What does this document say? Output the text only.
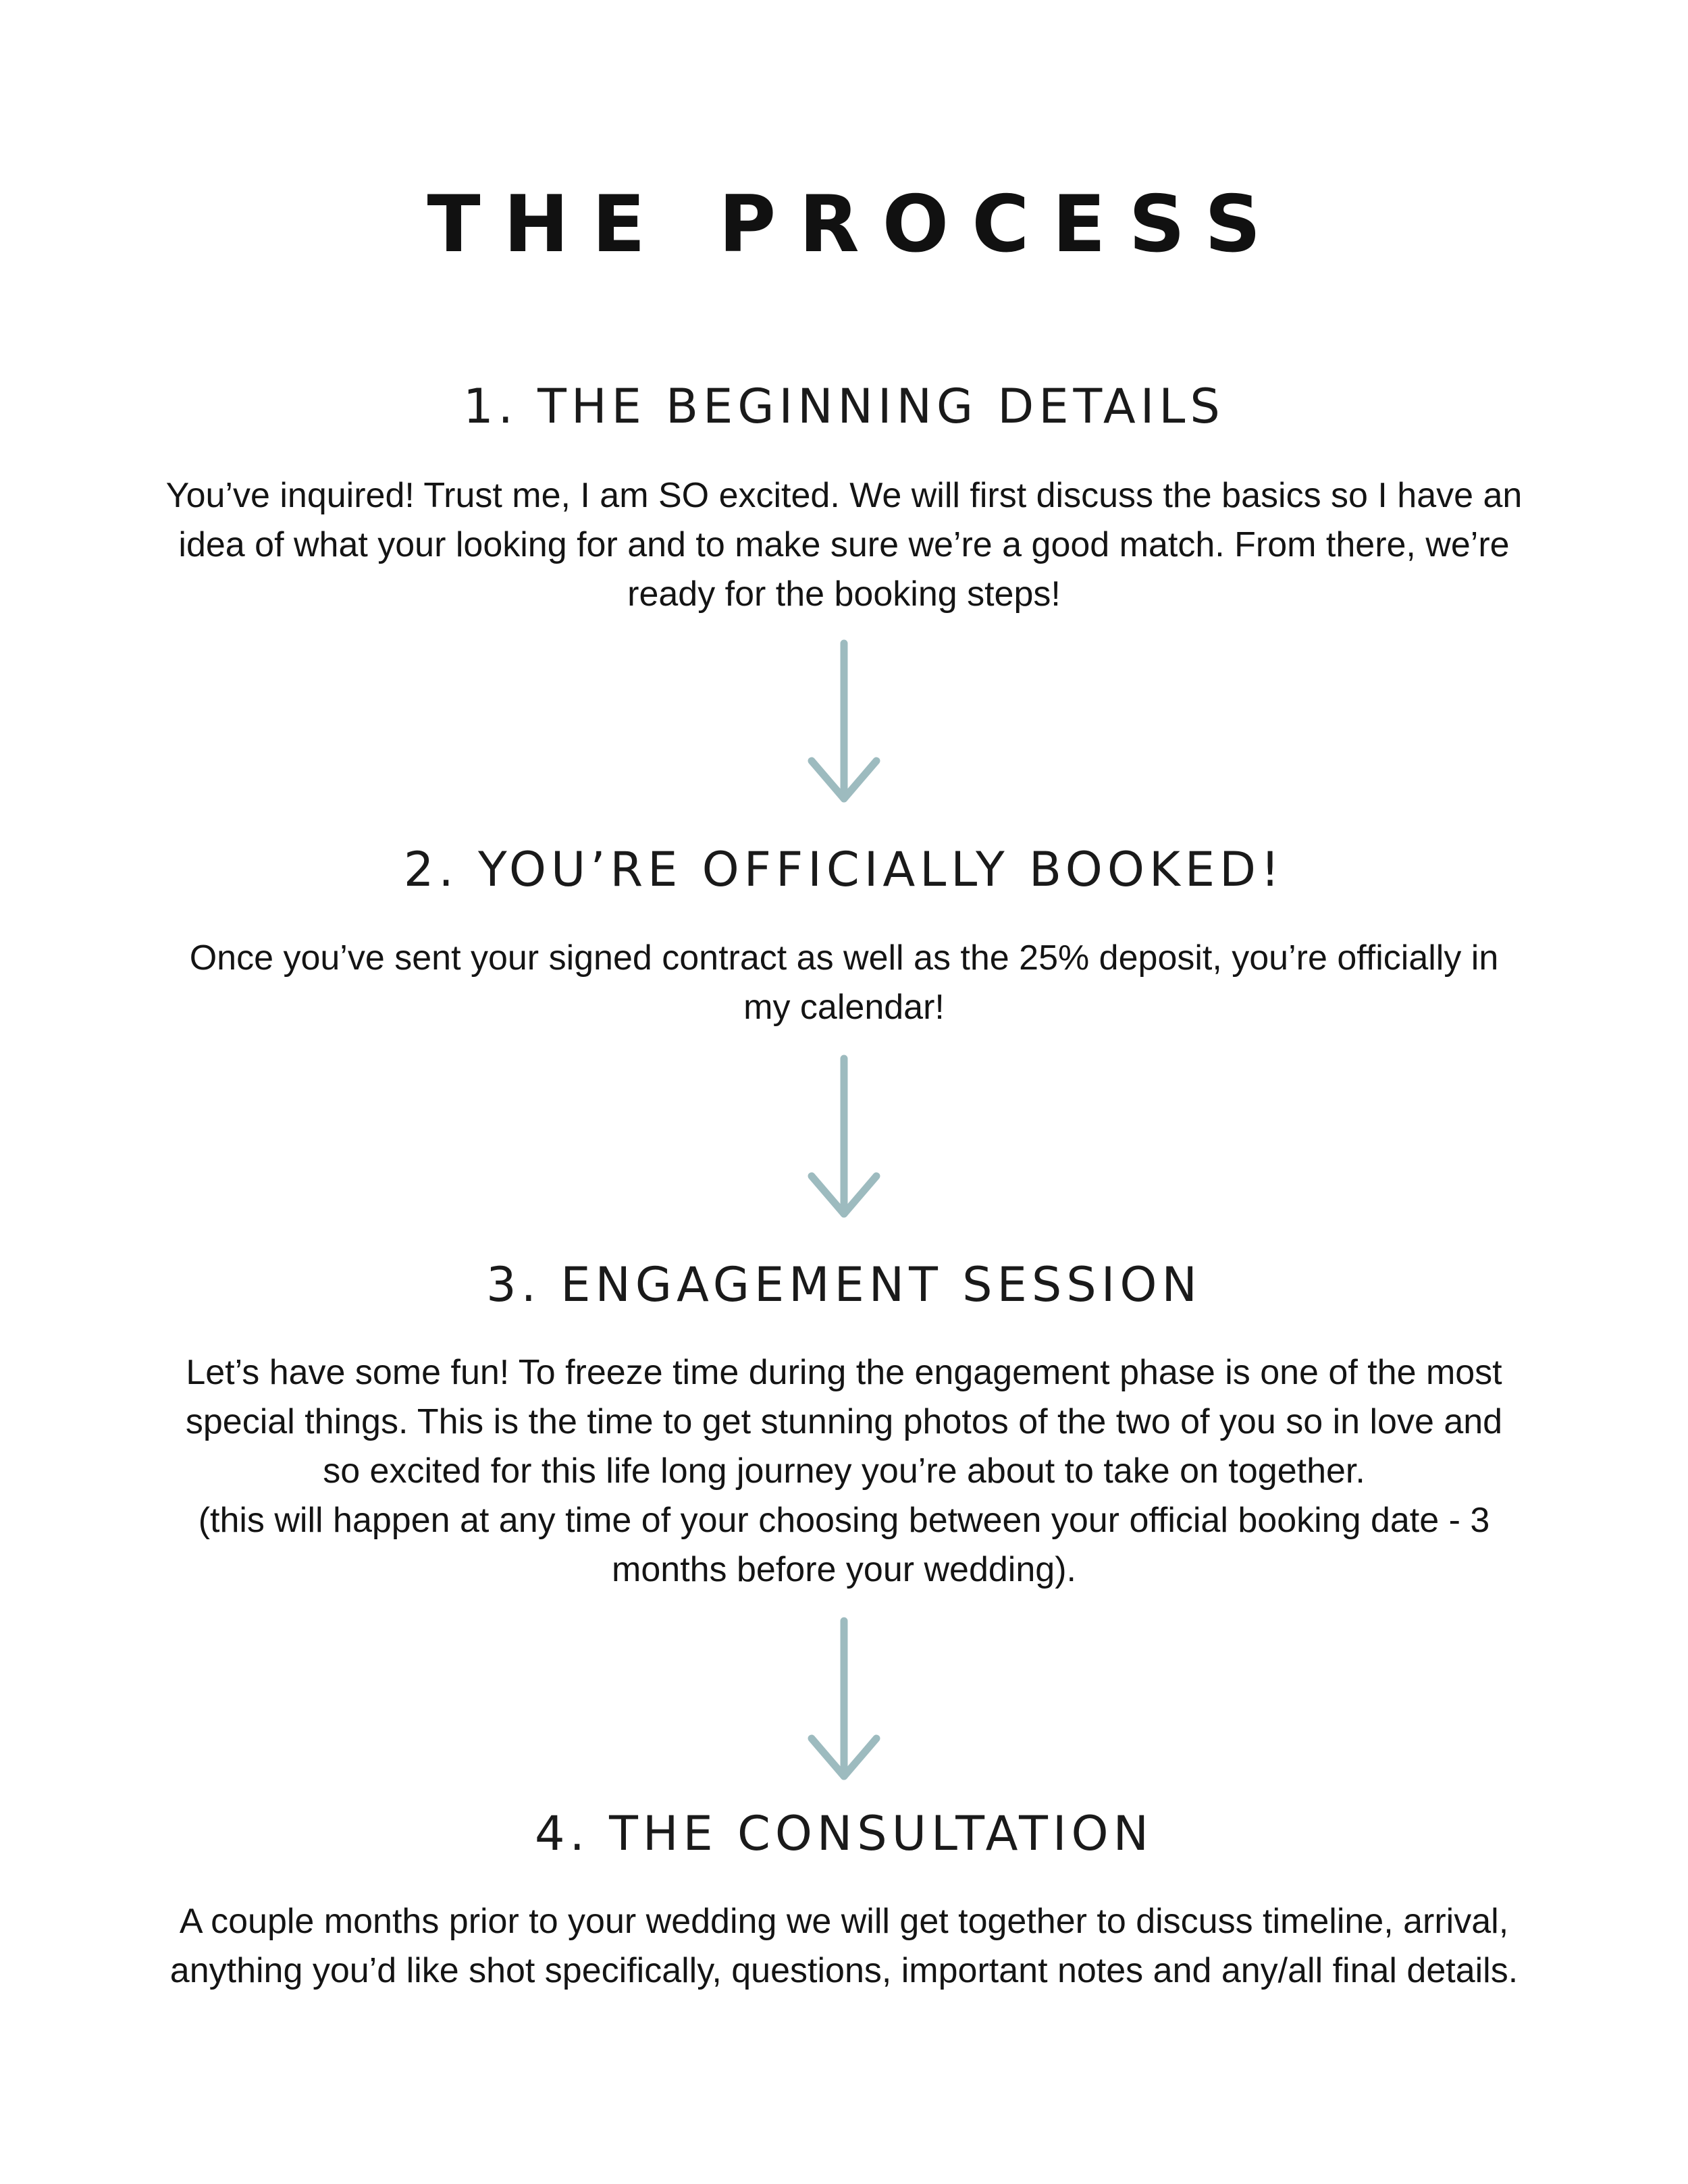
THE PROCESS
1. THE BEGINNING DETAILS
You’ve inquired! Trust me, I am SO excited. We will first discuss the basics so I have an
idea of what your looking for and to make sure we’re a good match. From there, we’re
ready for the booking steps!
2. YOU’RE OFFICIALLY BOOKED!
Once you’ve sent your signed contract as well as the 25% deposit, you’re officially in
my calendar!
3. ENGAGEMENT SESSION
Let’s have some fun! To freeze time during the engagement phase is one of the most
special things. This is the time to get stunning photos of the two of you so in love and
so excited for this life long journey you’re about to take on together.
(this will happen at any time of your choosing between your official booking date - 3
months before your wedding).
4. THE CONSULTATION
A couple months prior to your wedding we will get together to discuss timeline, arrival,
anything you’d like shot specifically, questions, important notes and any/all final details.
